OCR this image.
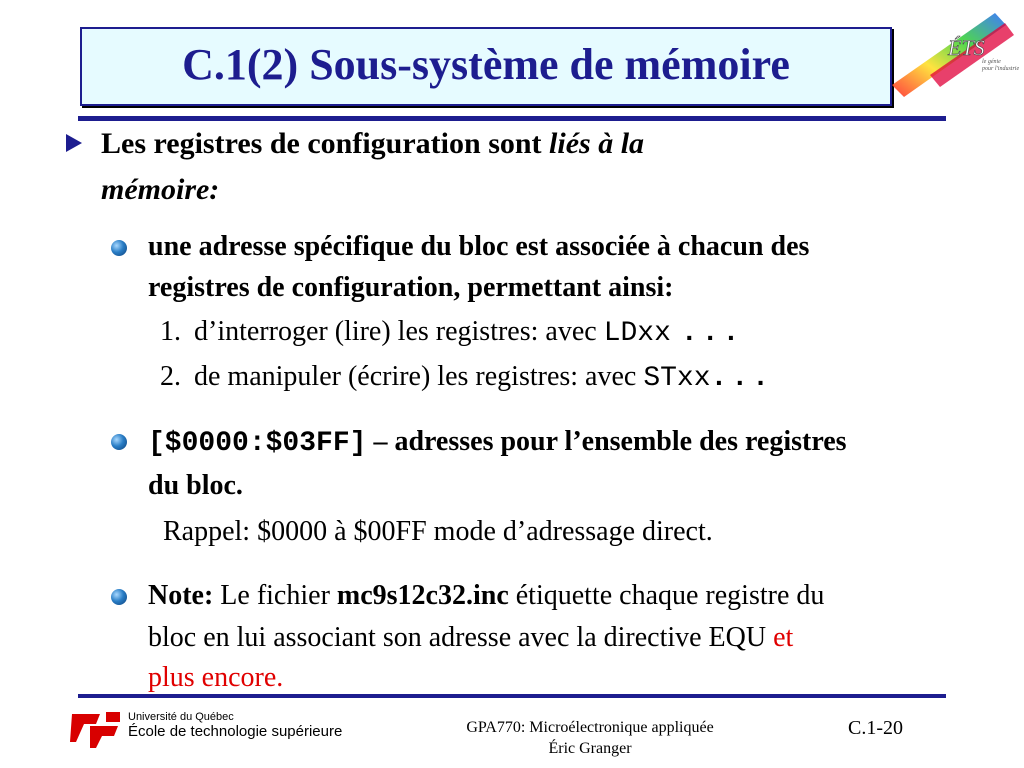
C.1(2) Sous-système de mémoire	ÉTS
le génie
pour l'industrie
Les registres de configuration sont liés à la
mémoire:
une adresse spécifique du bloc est associée à chacun des
registres de configuration, permettant ainsi:
1. d’interroger (lire) les registres: avec LDxx ...
2. de manipuler (écrire) les registres: avec STxx...
[$0000:$03FF] – adresses pour l’ensemble des registres
du bloc.
Rappel: $0000 à $00FF mode d’adressage direct.
Note: Le fichier mc9s12c32.inc étiquette chaque registre du
bloc en lui associant son adresse avec la directive EQU et
plus encore.
Université du Québec
École de technologie supérieure	GPA770: Microélectronique appliquée
Éric Granger
C.1-20
